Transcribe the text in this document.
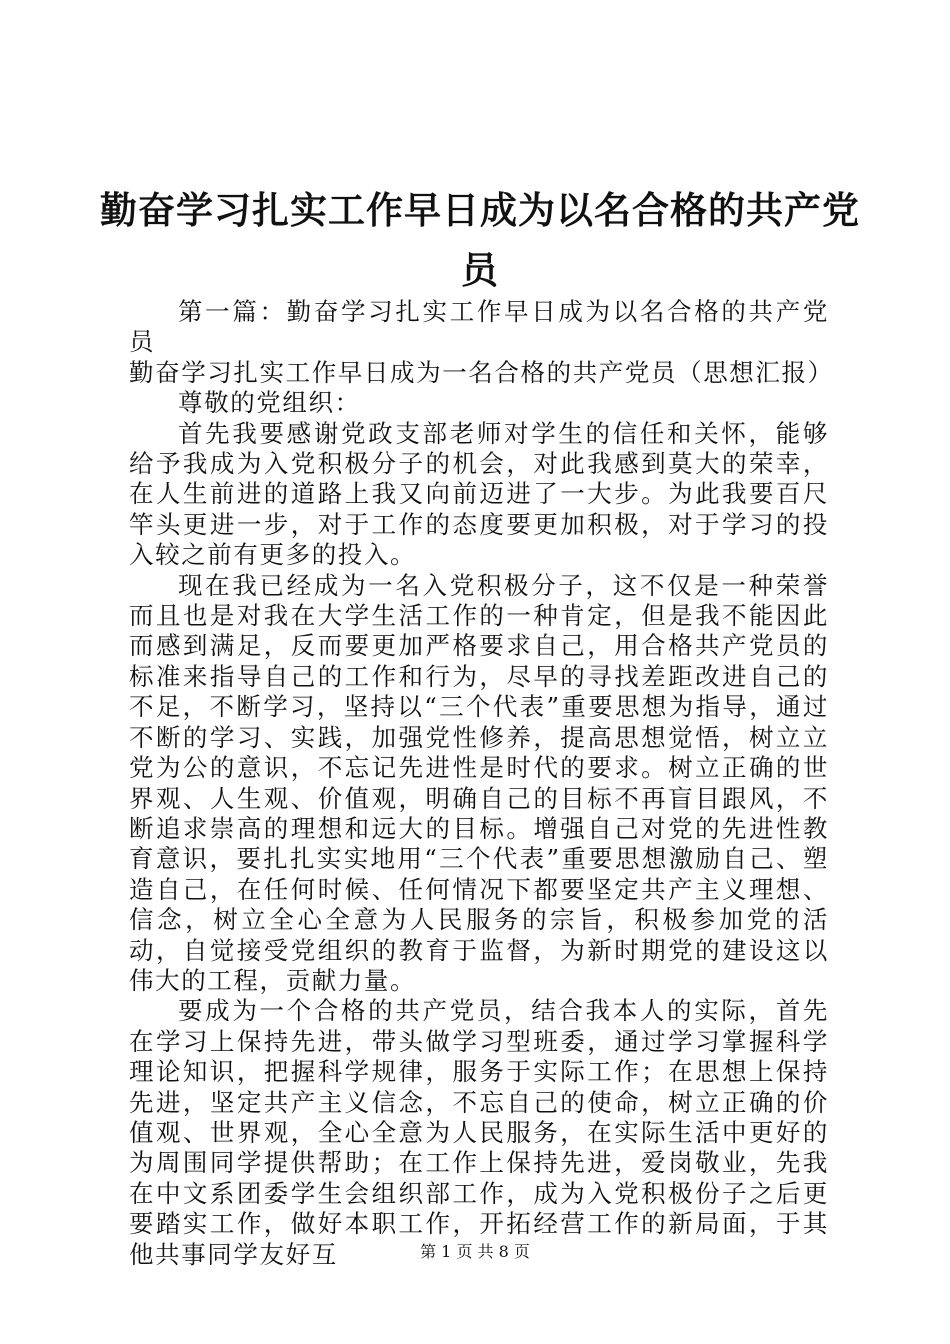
勤奋学习扎实工作早日成为以名合格的共产党员

第一篇：勤奋学习扎实工作早日成为以名合格的共产党员

勤奋学习扎实工作早日成为一名合格的共产党员（思想汇报）

尊敬的党组织：

首先我要感谢党政支部老师对学生的信任和关怀，能够给予我成为入党积极分子的机会，对此我感到莫大的荣幸，在人生前进的道路上我又向前迈进了一大步。为此我要百尺竿头更进一步，对于工作的态度要更加积极，对于学习的投入较之前有更多的投入。

现在我已经成为一名入党积极分子，这不仅是一种荣誉而且也是对我在大学生活工作的一种肯定，但是我不能因此而感到满足，反而要更加严格要求自己，用合格共产党员的标准来指导自己的工作和行为，尽早的寻找差距改进自己的不足，不断学习，坚持以“三个代表”重要思想为指导，通过不断的学习、实践，加强党性修养，提高思想觉悟，树立立党为公的意识，不忘记先进性是时代的要求。树立正确的世界观、人生观、价值观，明确自己的目标不再盲目跟风，不断追求崇高的理想和远大的目标。增强自己对党的先进性教育意识，要扎扎实实地用“三个代表”重要思想激励自己、塑造自己，在任何时候、任何情况下都要坚定共产主义理想、信念，树立全心全意为人民服务的宗旨，积极参加党的活动，自觉接受党组织的教育于监督，为新时期党的建设这以伟大的工程，贡献力量。

要成为一个合格的共产党员，结合我本人的实际，首先在学习上保持先进，带头做学习型班委，通过学习掌握科学理论知识，把握科学规律，服务于实际工作；在思想上保持先进，坚定共产主义信念，不忘自己的使命，树立正确的价值观、世界观，全心全意为人民服务，在实际生活中更好的为周围同学提供帮助；在工作上保持先进，爱岗敬业，先我在中文系团委学生会组织部工作，成为入党积极份子之后更要踏实工作，做好本职工作，开拓经营工作的新局面，于其他共事同学友好互	第 1 页 共 8 页
